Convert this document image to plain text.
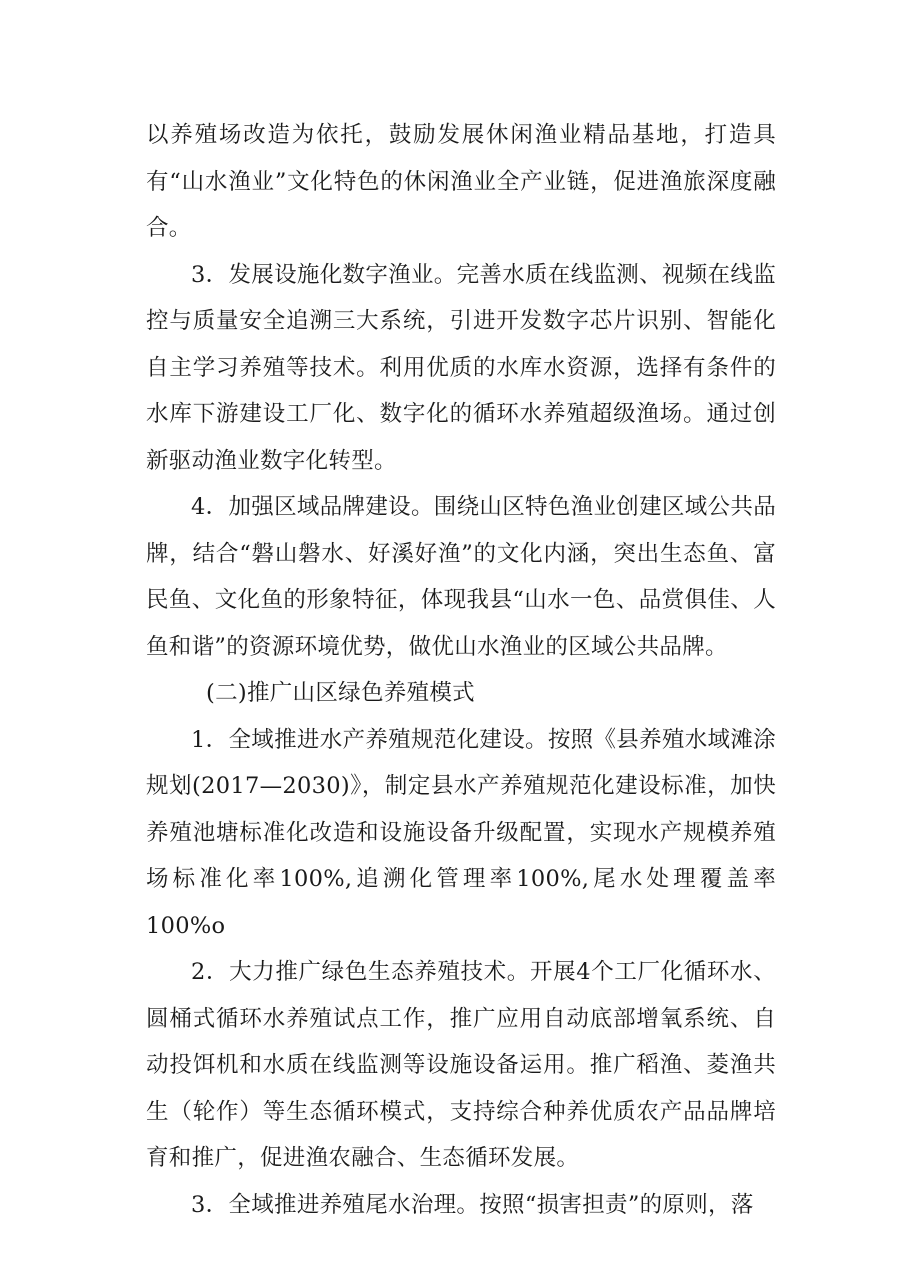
以养殖场改造为依托，鼓励发展休闲渔业精品基地，打造具有“山水渔业”文化特色的休闲渔业全产业链，促进渔旅深度融合。

3．发展设施化数字渔业。完善水质在线监测、视频在线监控与质量安全追溯三大系统，引进开发数字芯片识别、智能化自主学习养殖等技术。利用优质的水库水资源，选择有条件的水库下游建设工厂化、数字化的循环水养殖超级渔场。通过创新驱动渔业数字化转型。

4．加强区域品牌建设。围绕山区特色渔业创建区域公共品牌，结合“磐山磐水、好溪好渔”的文化内涵，突出生态鱼、富民鱼、文化鱼的形象特征，体现我县“山水一色、品赏俱佳、人鱼和谐”的资源环境优势，做优山水渔业的区域公共品牌。

(二)推广山区绿色养殖模式

1．全域推进水产养殖规范化建设。按照《县养殖水域滩涂规划(2017—2030)》，制定县水产养殖规范化建设标准，加快养殖池塘标准化改造和设施设备升级配置，实现水产规模养殖场标准化率100%,追溯化管理率100%,尾水处理覆盖率100%o

2．大力推广绿色生态养殖技术。开展4个工厂化循环水、圆桶式循环水养殖试点工作，推广应用自动底部增氧系统、自动投饵机和水质在线监测等设施设备运用。推广稻渔、菱渔共生（轮作）等生态循环模式，支持综合种养优质农产品品牌培育和推广，促进渔农融合、生态循环发展。

3．全域推进养殖尾水治理。按照“损害担责”的原则，落
